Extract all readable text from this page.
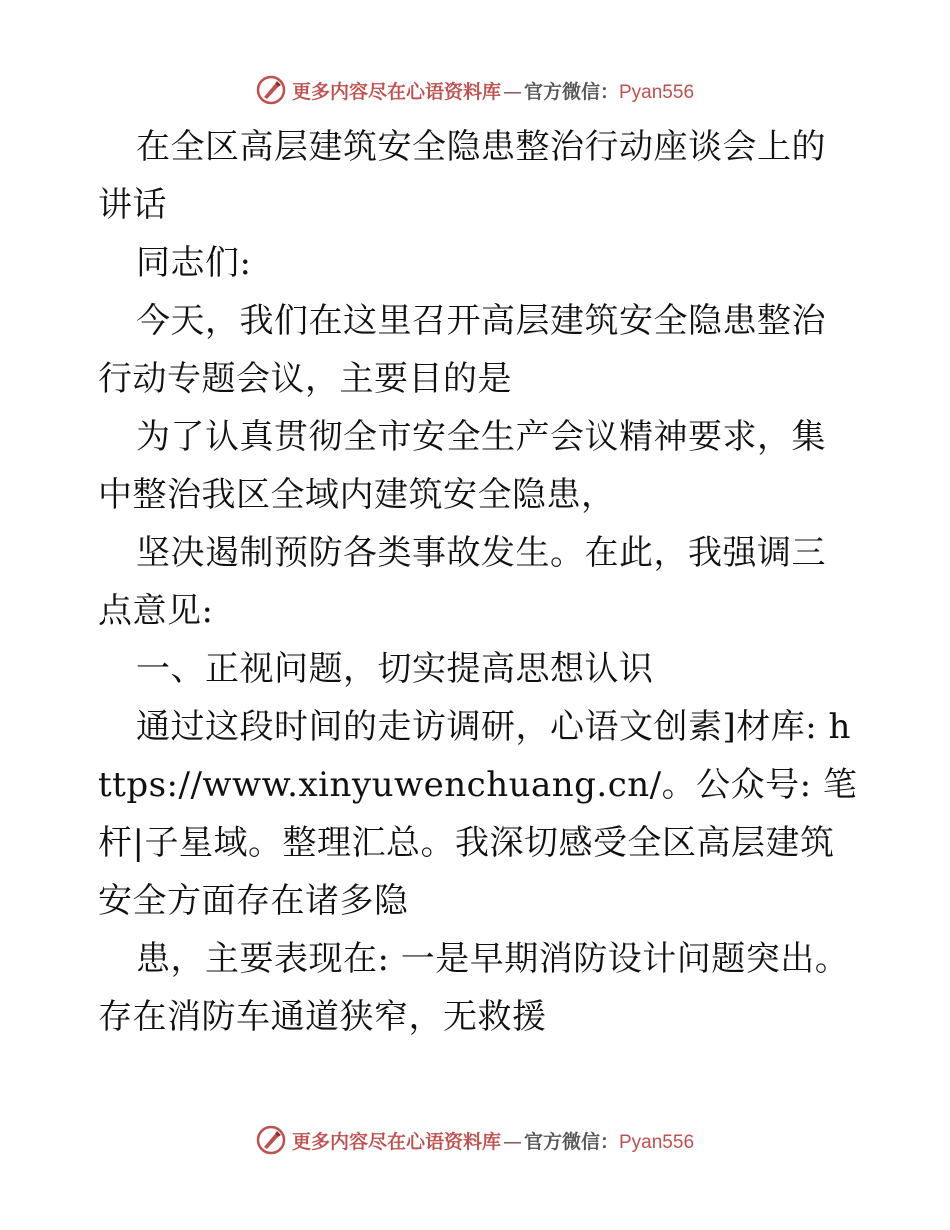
更多内容尽在心语资料库 — 官方微信：Pyan556

在全区高层建筑安全隐患整治行动座谈会上的讲话

同志们:

今天，我们在这里召开高层建筑安全隐患整治行动专题会议，主要目的是

为了认真贯彻全市安全生产会议精神要求，集中整治我区全域内建筑安全隐患，

坚决遏制预防各类事故发生。在此，我强调三点意见:

一、正视问题，切实提高思想认识

通过这段时间的走访调研，心语文创素]材库: https://www.xinyuwenchuang.cn/。公众号: 笔杆|子星域。整理汇总。我深切感受全区高层建筑安全方面存在诸多隐

患，主要表现在: 一是早期消防设计问题突出。存在消防车通道狭窄，无救援

更多内容尽在心语资料库 — 官方微信：Pyan556
